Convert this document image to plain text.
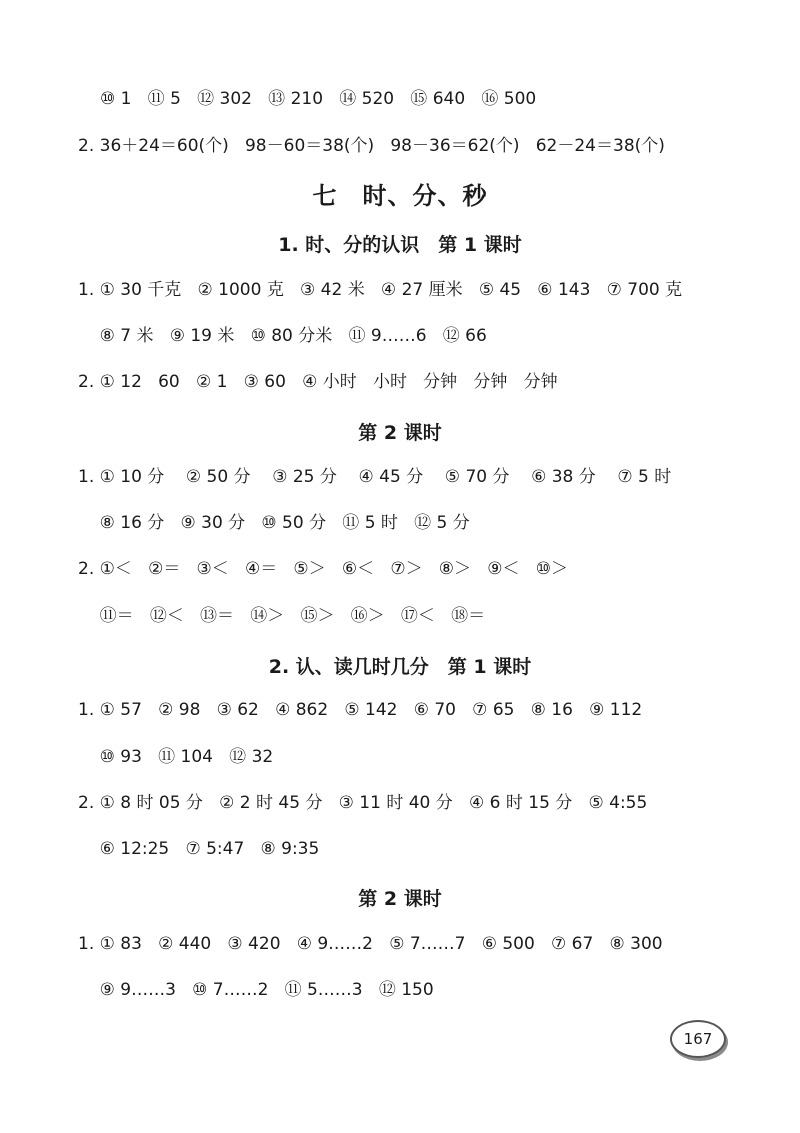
⑩ 1   ⑪ 5   ⑫ 302   ⑬ 210   ⑭ 520   ⑮ 640   ⑯ 500
2. 36＋24＝60(个)   98－60＝38(个)   98－36＝62(个)   62－24＝38(个)
七　时、分、秒
1. 时、分的认识　第 1 课时
1. ① 30 千克   ② 1000 克   ③ 42 米   ④ 27 厘米   ⑤ 45   ⑥ 143   ⑦ 700 克
⑧ 7 米   ⑨ 19 米   ⑩ 80 分米   ⑪ 9……6   ⑫ 66
2. ① 12   60   ② 1   ③ 60   ④ 小时   小时   分钟   分钟   分钟
第 2 课时
1. ① 10 分    ② 50 分    ③ 25 分    ④ 45 分    ⑤ 70 分    ⑥ 38 分    ⑦ 5 时
⑧ 16 分   ⑨ 30 分   ⑩ 50 分   ⑪ 5 时   ⑫ 5 分
2. ①＜   ②＝   ③＜   ④＝   ⑤＞   ⑥＜   ⑦＞   ⑧＞   ⑨＜   ⑩＞
⑪＝   ⑫＜   ⑬＝   ⑭＞   ⑮＞   ⑯＞   ⑰＜   ⑱＝
2. 认、读几时几分　第 1 课时
1. ① 57   ② 98   ③ 62   ④ 862   ⑤ 142   ⑥ 70   ⑦ 65   ⑧ 16   ⑨ 112
⑩ 93   ⑪ 104   ⑫ 32
2. ① 8 时 05 分   ② 2 时 45 分   ③ 11 时 40 分   ④ 6 时 15 分   ⑤ 4:55
⑥ 12:25   ⑦ 5:47   ⑧ 9:35
第 2 课时
1. ① 83   ② 440   ③ 420   ④ 9……2   ⑤ 7……7   ⑥ 500   ⑦ 67   ⑧ 300
⑨ 9……3   ⑩ 7……2   ⑪ 5……3   ⑫ 150
167
